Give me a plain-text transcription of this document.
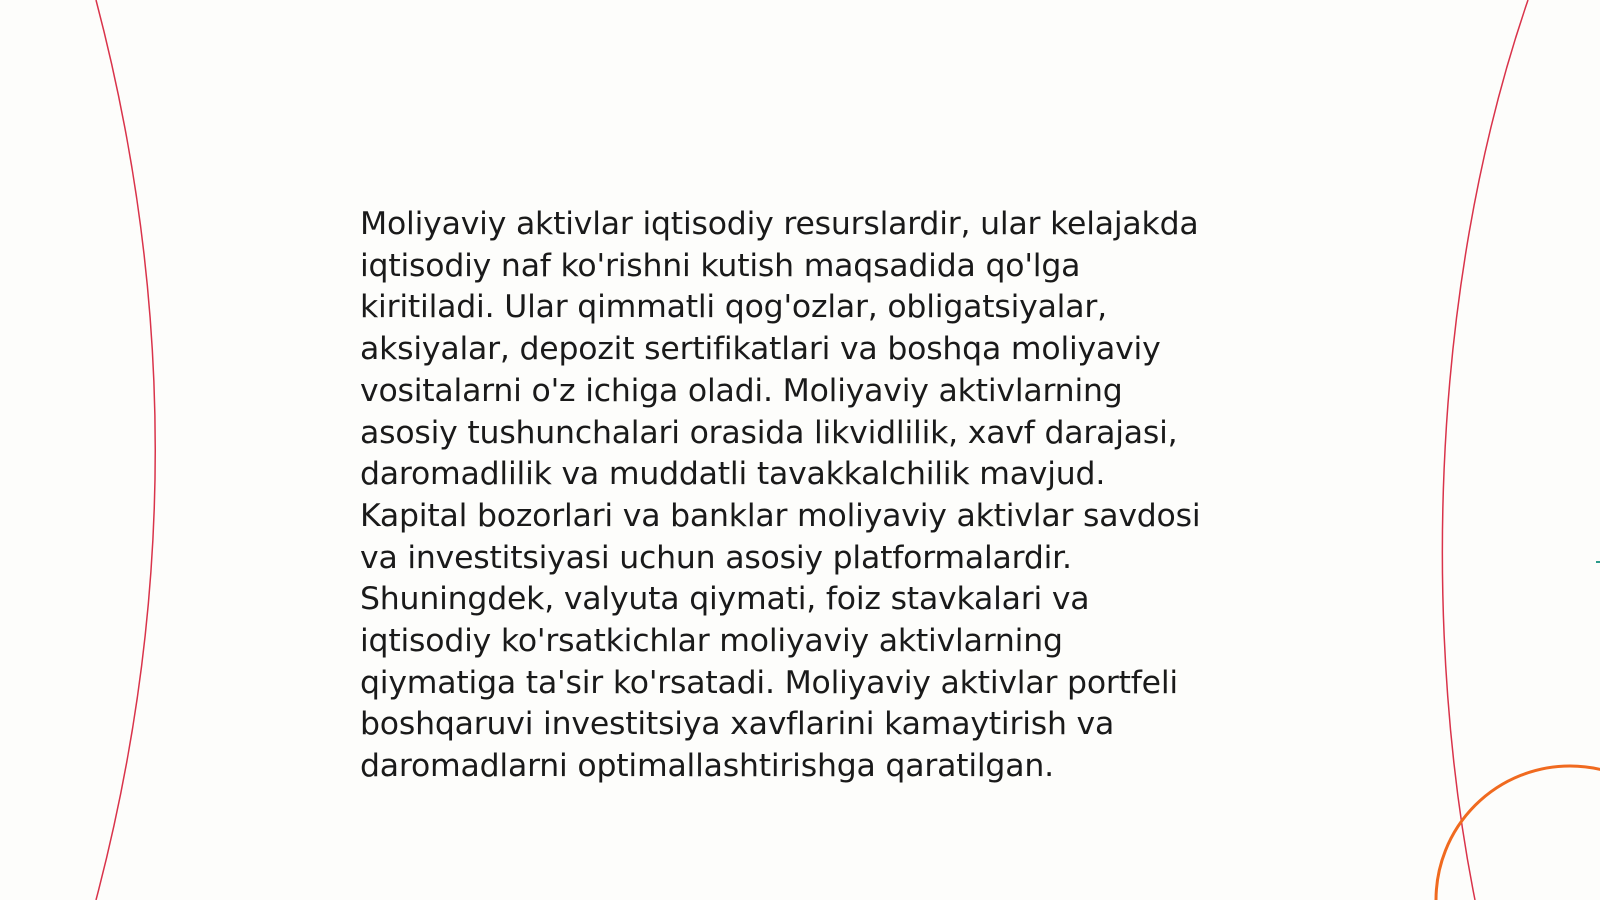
Moliyaviy aktivlar iqtisodiy resurslardir, ular kelajakda
iqtisodiy naf ko'rishni kutish maqsadida qo'lga
kiritiladi. Ular qimmatli qog'ozlar, obligatsiyalar,
aksiyalar, depozit sertifikatlari va boshqa moliyaviy
vositalarni o'z ichiga oladi. Moliyaviy aktivlarning
asosiy tushunchalari orasida likvidlilik, xavf darajasi,
daromadlilik va muddatli tavakkalchilik mavjud.
Kapital bozorlari va banklar moliyaviy aktivlar savdosi
va investitsiyasi uchun asosiy platformalardir.
Shuningdek, valyuta qiymati, foiz stavkalari va
iqtisodiy ko'rsatkichlar moliyaviy aktivlarning
qiymatiga ta'sir ko'rsatadi. Moliyaviy aktivlar portfeli
boshqaruvi investitsiya xavflarini kamaytirish va
daromadlarni optimallashtirishga qaratilgan.
